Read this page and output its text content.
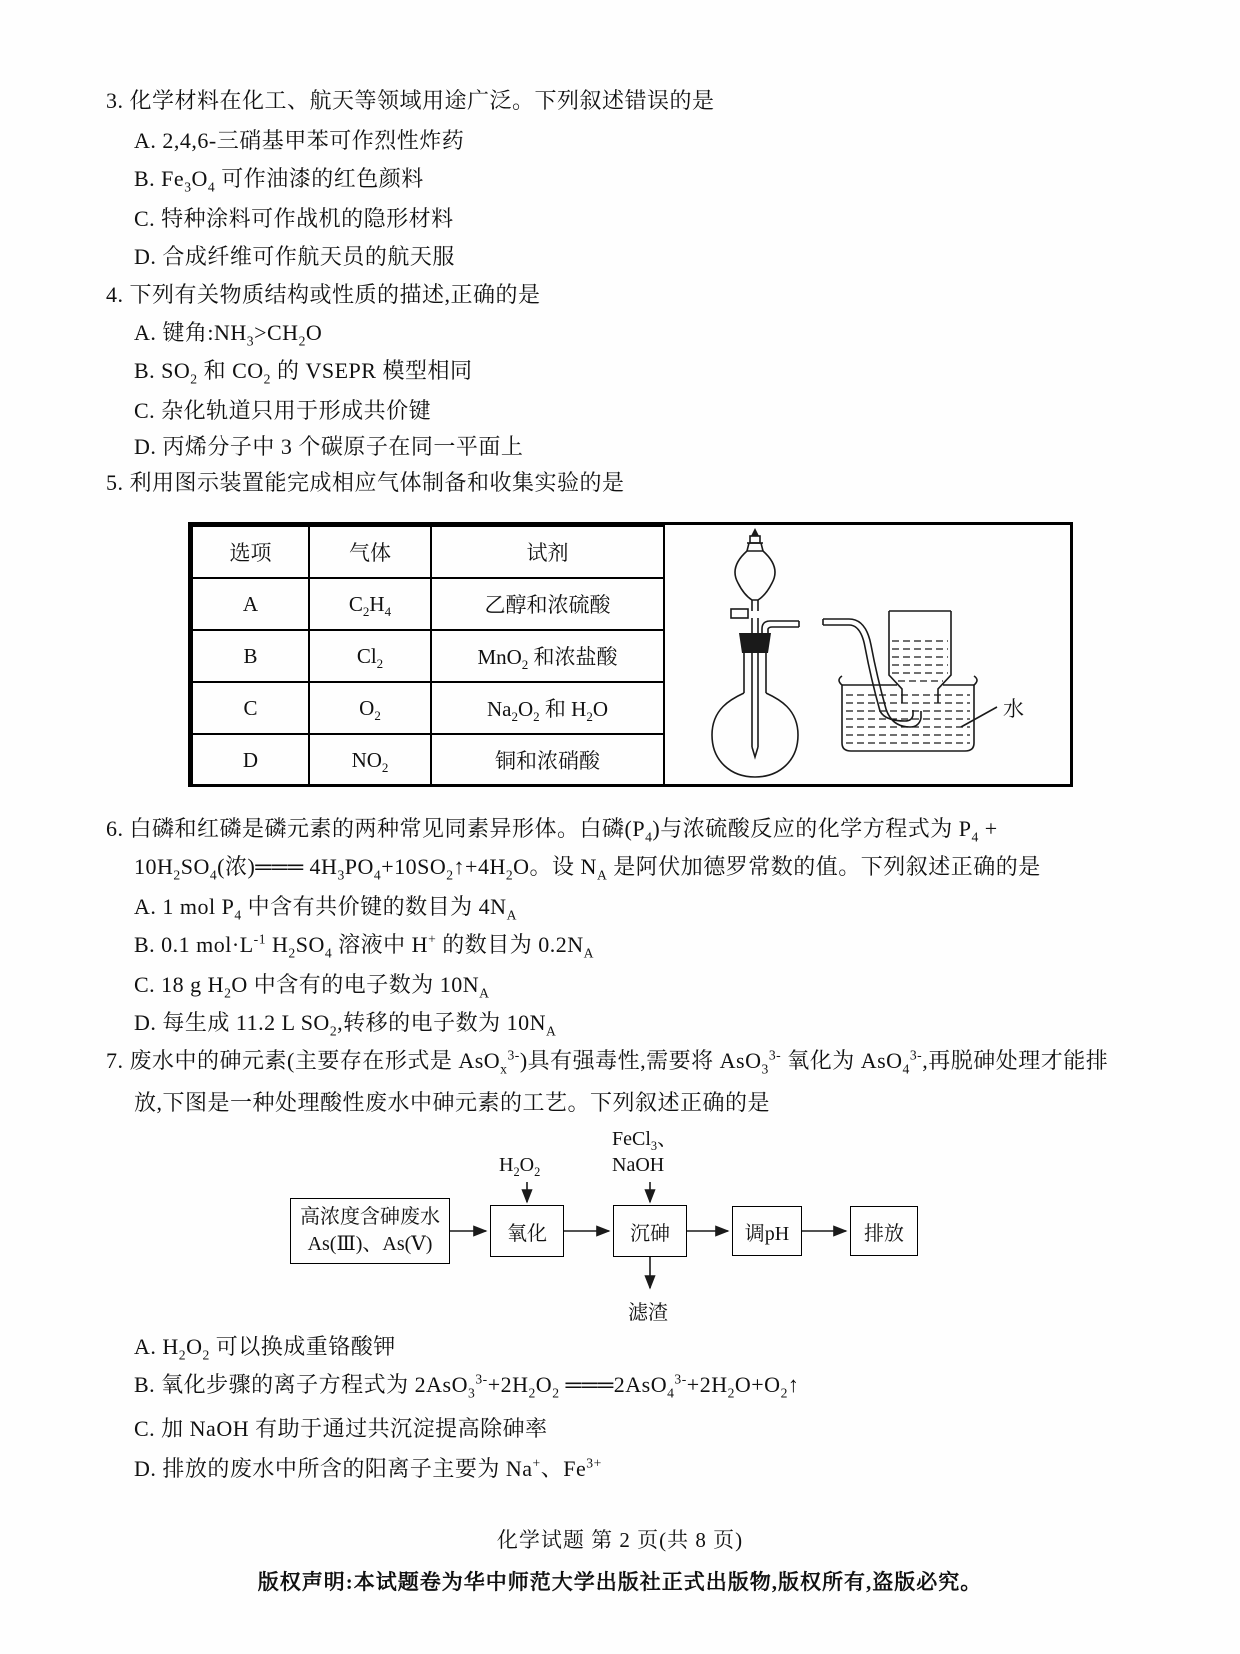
3. 化学材料在化工、航天等领域用途广泛。下列叙述错误的是
A. 2,4,6-三硝基甲苯可作烈性炸药
B. $Fe_3O_4$ 可作油漆的红色颜料
C. 特种涂料可作战机的隐形材料
D. 合成纤维可作航天员的航天服
4. 下列有关物质结构或性质的描述,正确的是
A. 键角$:NH_3>CH_2O$
B. $SO_2$ 和 $CO_2$ 的 VSEPR 模型相同
C. 杂化轨道只用于形成共价键
D. 丙烯分子中 3 个碳原子在同一平面上
5. 利用图示装置能完成相应气体制备和收集实验的是
选项	气体	试剂
A	$C_2H_4$	乙醇和浓硫酸
B	$Cl_2$	MnO$_2$ 和浓盐酸
C	$O_2$	$Na_2O_2$ 和 $H_2O$
D	$NO_2$	铜和浓硝酸
水
6. 白磷和红磷是磷元素的两种常见同素异形体。白磷$(P_4)$与浓硫酸反应的化学方程式为 $P_4$ +
$10H_2SO_4$(浓)═══ $4H_3PO_4+10SO_2↑+4H_2O$。设 $N_A$ 是阿伏加德罗常数的值。下列叙述正确的是
A. 1 mol $P_4$ 中含有共价键的数目为 $4N_A$
B. 0.1 $mol\cdot L^{-1}$ $H_2SO_4$ 溶液中 H+ 的数目为 $0.2N_A$
C. 18 g $H_2O$ 中含有的电子数为 $10N_A$
D. 每生成 11.2 L $SO_2$,转移的电子数为 $10N_A$
7. 废水中的砷元素(主要存在形式是 AsO$_x^{3-}$)具有强毒性,需要将 AsO$_3^{3-}$ 氧化为 AsO$_4^{3-}$,再脱砷处理才能排
放,下图是一种处理酸性废水中砷元素的工艺。下列叙述正确的是
FeCl$_3$、
NaOH
$H_2O_2$
高浓度含砷废水
As(Ⅲ)、As(Ⅴ)	氧化	沉砷	调pH	排放
滤渣
A. $H_2O_2$ 可以换成重铬酸钾
B. 氧化步骤的离子方程式为 $2AsO_3^{3-}+2H_2O_2$ $═══2AsO_4^{3-}+2H_2O+O_2↑$
C. 加 NaOH 有助于通过共沉淀提高除砷率
D. 排放的废水中所含的阳离子主要为 Na+、$Fe^{3+}$
化学试题 第 2 页(共 8 页)
版权声明:本试题卷为华中师范大学出版社正式出版物,版权所有,盗版必究。
